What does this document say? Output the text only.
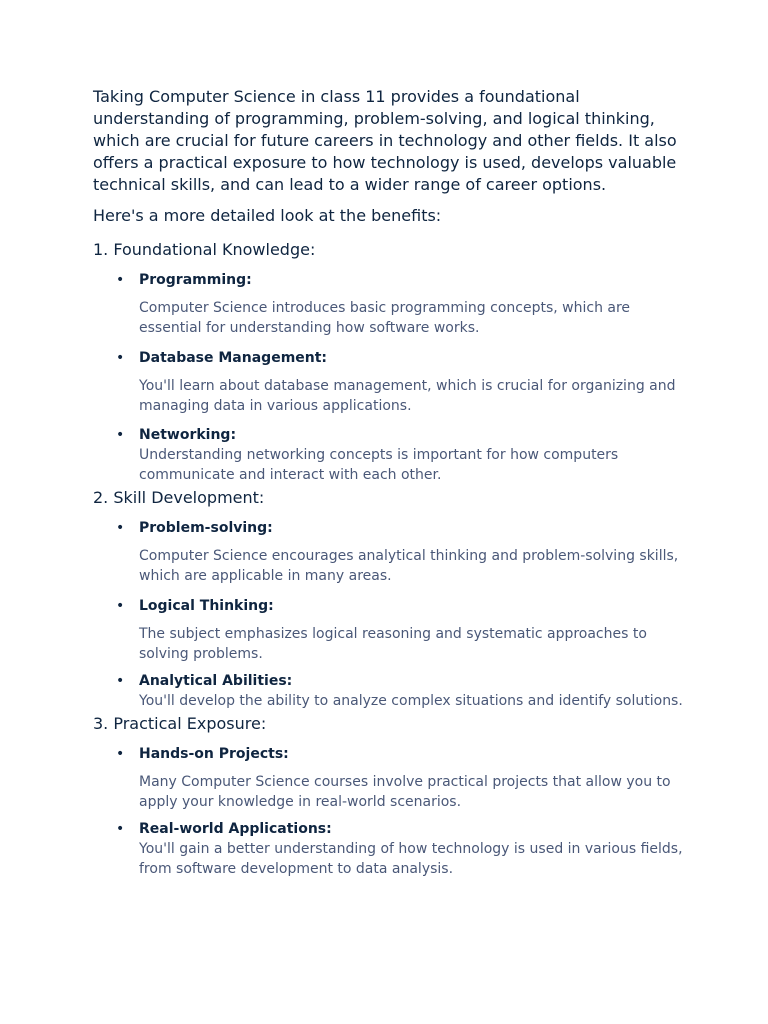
Taking Computer Science in class 11 provides a foundational understanding of programming, problem-solving, and logical thinking, which are crucial for future careers in technology and other fields. It also offers a practical exposure to how technology is used, develops valuable technical skills, and can lead to a wider range of career options.

Here's a more detailed look at the benefits:

1. Foundational Knowledge:

• Programming:
Computer Science introduces basic programming concepts, which are essential for understanding how software works.
• Database Management:
You'll learn about database management, which is crucial for organizing and managing data in various applications.
• Networking:
Understanding networking concepts is important for how computers communicate and interact with each other.

2. Skill Development:

• Problem-solving:
Computer Science encourages analytical thinking and problem-solving skills, which are applicable in many areas.
• Logical Thinking:
The subject emphasizes logical reasoning and systematic approaches to solving problems.
• Analytical Abilities:
You'll develop the ability to analyze complex situations and identify solutions.

3. Practical Exposure:

• Hands-on Projects:
Many Computer Science courses involve practical projects that allow you to apply your knowledge in real-world scenarios.
• Real-world Applications:
You'll gain a better understanding of how technology is used in various fields, from software development to data analysis.
